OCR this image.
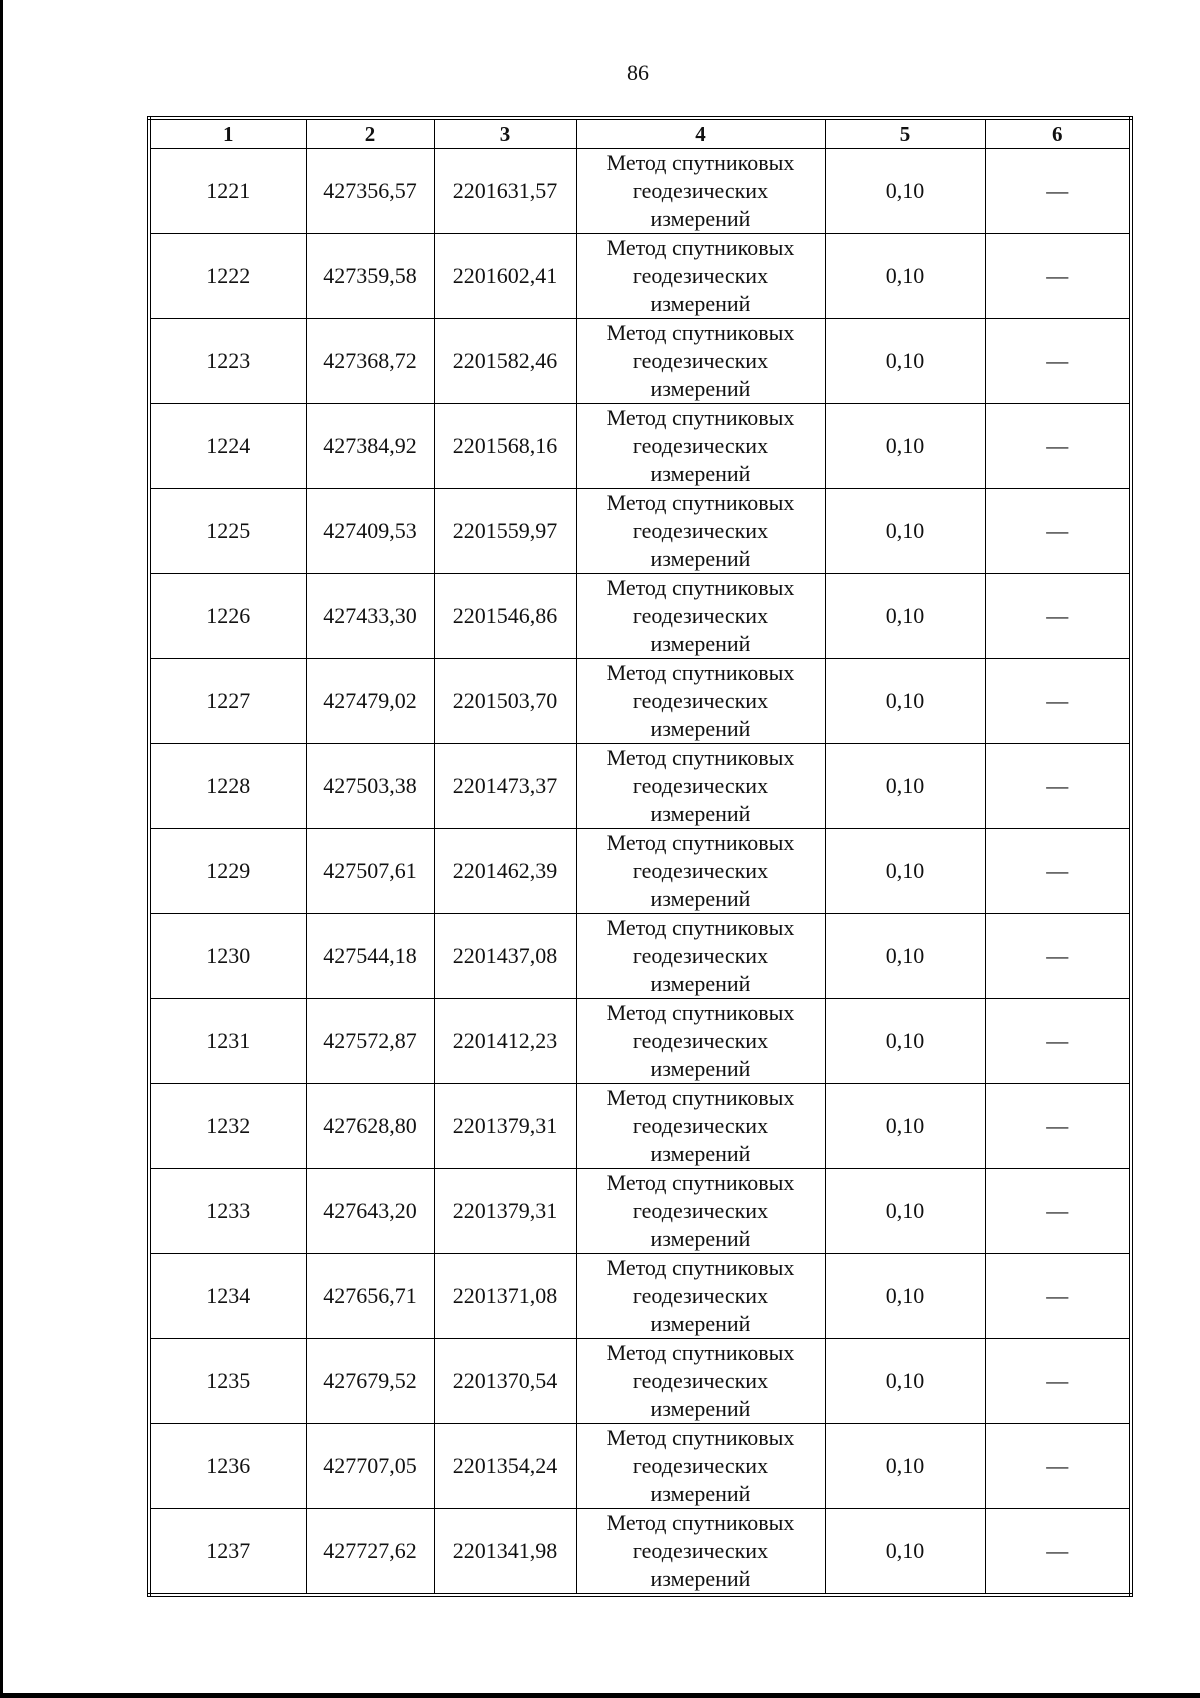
86
1	2	3	4	5	6
1221	427356,57	2201631,57	Метод спутниковых
геодезических
измерений	0,10	—
1222	427359,58	2201602,41	Метод спутниковых
геодезических
измерений	0,10	—
1223	427368,72	2201582,46	Метод спутниковых
геодезических
измерений	0,10	—
1224	427384,92	2201568,16	Метод спутниковых
геодезических
измерений	0,10	—
1225	427409,53	2201559,97	Метод спутниковых
геодезических
измерений	0,10	—
1226	427433,30	2201546,86	Метод спутниковых
геодезических
измерений	0,10	—
1227	427479,02	2201503,70	Метод спутниковых
геодезических
измерений	0,10	—
1228	427503,38	2201473,37	Метод спутниковых
геодезических
измерений	0,10	—
1229	427507,61	2201462,39	Метод спутниковых
геодезических
измерений	0,10	—
1230	427544,18	2201437,08	Метод спутниковых
геодезических
измерений	0,10	—
1231	427572,87	2201412,23	Метод спутниковых
геодезических
измерений	0,10	—
1232	427628,80	2201379,31	Метод спутниковых
геодезических
измерений	0,10	—
1233	427643,20	2201379,31	Метод спутниковых
геодезических
измерений	0,10	—
1234	427656,71	2201371,08	Метод спутниковых
геодезических
измерений	0,10	—
1235	427679,52	2201370,54	Метод спутниковых
геодезических
измерений	0,10	—
1236	427707,05	2201354,24	Метод спутниковых
геодезических
измерений	0,10	—
1237	427727,62	2201341,98	Метод спутниковых
геодезических
измерений	0,10	—
